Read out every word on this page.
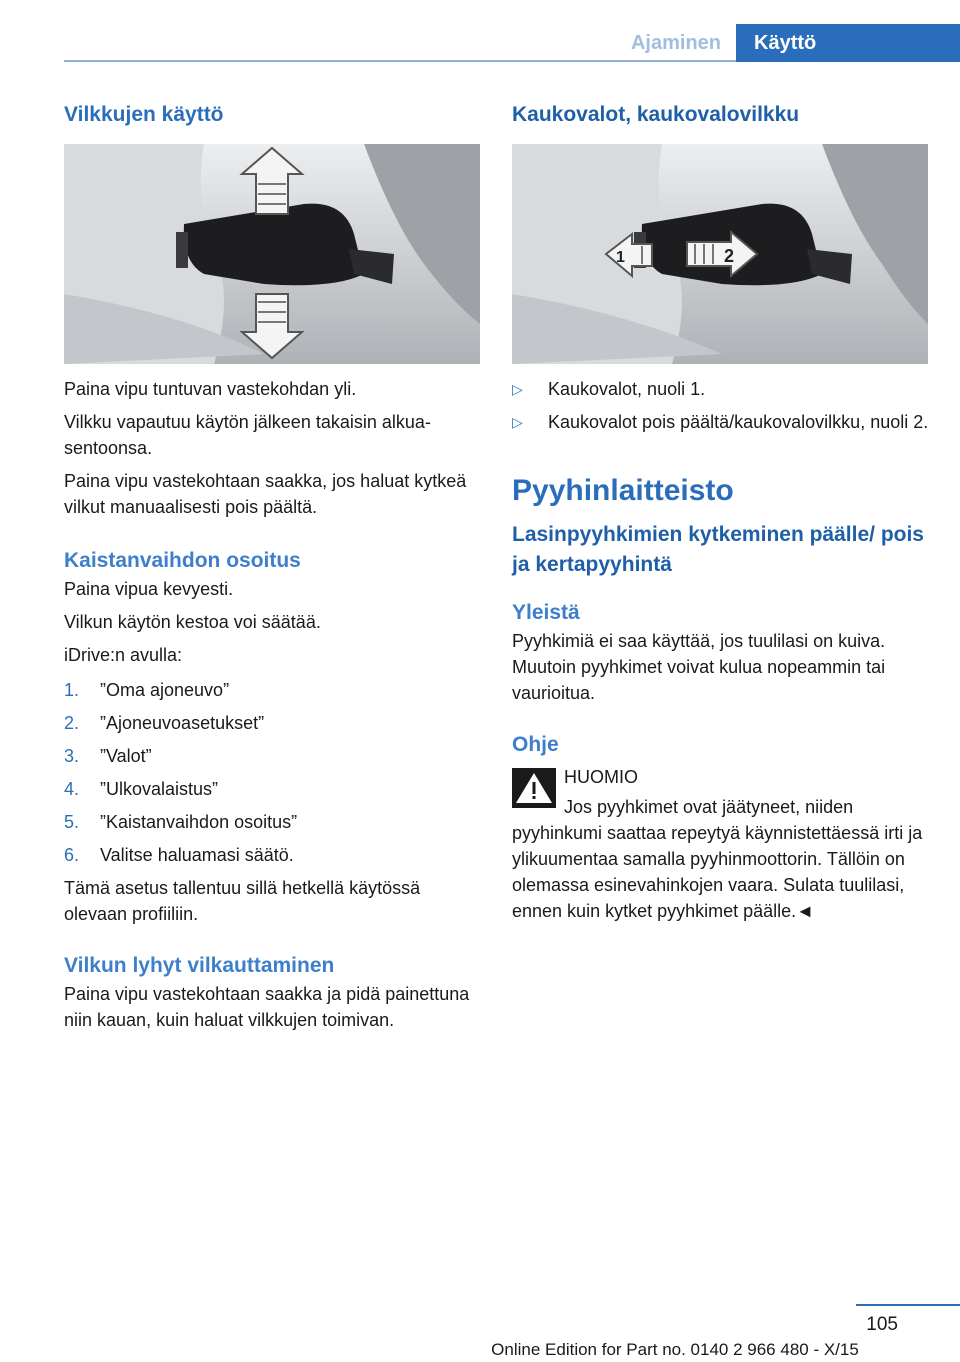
Ajaminen	Käyttö
Vilkkujen käyttö

Paina vipu tuntuvan vastekohdan yli.

Vilkku vapautuu käytön jälkeen takaisin alkuasentoonsa.

Paina vipu vastekohtaan saakka, jos haluat kytkeä vilkut manuaalisesti pois päältä.

Kaistanvaihdon osoitus

Paina vipua kevyesti.

Vilkun käytön kestoa voi säätää.

iDrive:n avulla:

1. ”Oma ajoneuvo”
2. ”Ajoneuvoasetukset”
3. ”Valot”
4. ”Ulkovalaistus”
5. ”Kaistanvaihdon osoitus”
6. Valitse haluamasi säätö.

Tämä asetus tallentuu sillä hetkellä käytössä olevaan profiiliin.

Vilkun lyhyt vilkauttaminen

Paina vipu vastekohtaan saakka ja pidä painettuna niin kauan, kuin haluat vilkkujen toimivan.

Kaukovalot, kaukovalovilkku
1	2
▷ Kaukovalot, nuoli 1.
▷ Kaukovalot pois päältä/kaukovalovilkku, nuoli 2.
Pyyhinlaitteisto
Lasinpyyhkimien kytkeminen päälle/ pois ja kertapyyhintä
Yleistä

Pyyhkimiä ei saa käyttää, jos tuulilasi on kuiva. Muutoin pyyhkimet voivat kulua nopeammin tai vaurioitua.

Ohje

HUOMIO

Jos pyyhkimet ovat jäätyneet, niiden pyyhinkumi saattaa repeytyä käynnistettäessä irti ja ylikuumentaa samalla pyyhinmoottorin. Tällöin on olemassa esinevahinkojen vaara. Sulata tuulilasi, ennen kuin kytket pyyhkimet päälle.◄

105
Online Edition for Part no. 0140 2 966 480 - X/15
